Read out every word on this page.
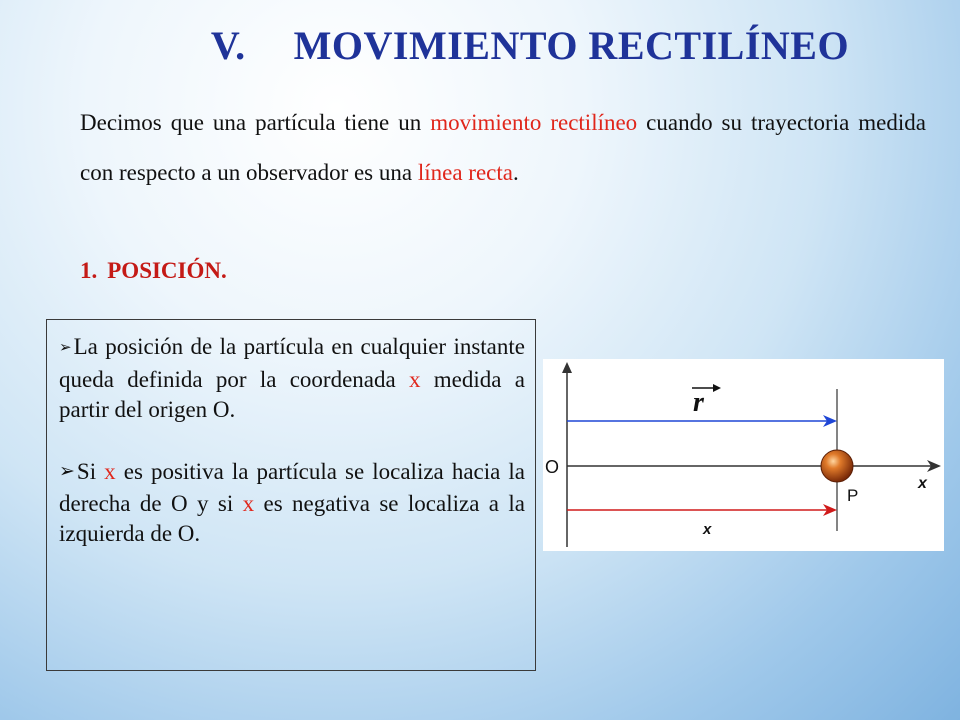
V. MOVIMIENTO RECTILÍNEO

Decimos que una partícula tiene un movimiento rectilíneo cuando su trayectoria medida con respecto a un observador es una línea recta.

1. POSICIÓN.

➢La posición de la partícula en cualquier instante queda definida por la coordenada x medida a partir del origen O.

➢Si x es positiva la partícula se localiza hacia la derecha de O y si x es negativa se localiza a la izquierda de O.

O
x
P
x
r
